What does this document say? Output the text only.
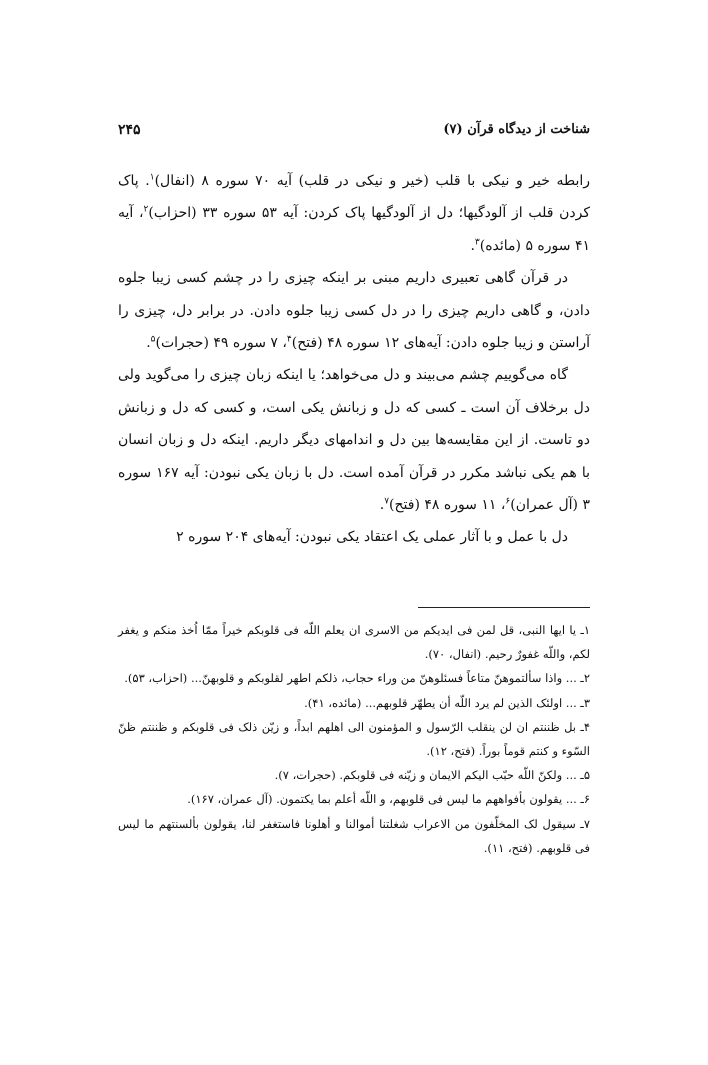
شناخت از دیدگاه قرآن (۷)
۲۴۵

رابطه خیر و نیکی با قلب (خیر و نیکی در قلب) آیه ۷۰ سوره ۸ (انفال)$^۱$. پاک کردن قلب از آلودگیها؛ دل از آلودگیها پاک کردن: آیه ۵۳ سوره ۳۳ (احزاب)$^۲$، آیه ۴۱ سوره ۵ (مائده)$^۳$.

در قرآن گاهی تعبیری داریم مبنی بر اینکه چیزی را در چشم کسی زیبا جلوه دادن، و گاهی داریم چیزی را در دل کسی زیبا جلوه دادن. در برابر دل، چیزی را آراستن و زیبا جلوه دادن: آیه‌های ۱۲ سوره ۴۸ (فتح)$^۴$، ۷ سوره ۴۹ (حجرات)$^۵$.

گاه می‌گوییم چشم می‌بیند و دل می‌خواهد؛ یا اینکه زبان چیزی را می‌گوید ولی دل برخلاف آن است ـ کسی که دل و زبانش یکی است، و کسی که دل و زبانش دو تاست. از این مقایسه‌ها بین دل و اندامهای دیگر داریم. اینکه دل و زبان انسان با هم یکی نباشد مکرر در قرآن آمده است. دل با زبان یکی نبودن: آیه ۱۶۷ سوره ۳ (آل عمران)$^۶$، ۱۱ سوره ۴۸ (فتح)$^۷$.

دل با عمل و با آثار عملی یک اعتقاد یکی نبودن: آیه‌های ۲۰۴ سوره ۲

۱ـ یا ایها النبی، قل لمن فی ایدیکم من الاسری ان یعلم اللّه فی قلوبکم خیراً ممّا اُخذ منکم و یغفر لکم، واللّه غفورٌ رحیم. (انفال، ۷۰).

۲ـ ... واذا سألتموهنّ متاعاً فسئلوهنّ من وراء حجاب، ذلکم اطهر لقلوبکم و قلوبهنّ... (احزاب، ۵۳).

۳ـ ... اولئک الذین لم یرد اللّه أن یطهّر قلوبهم... (مائده، ۴۱).

۴ـ بل ظننتم ان لن ینقلب الرّسول و المؤمنون الی اهلهم ابداً، و زیّن ذلک فی قلوبکم و ظننتم ظنّ السّوء و کنتم قوماً بوراً. (فتح، ۱۲).

۵ـ ... ولکنّ اللّه حبّب الیکم الایمان و زیّنه فی قلوبکم. (حجرات، ۷).

۶ـ ... یقولون بأفواههم ما لیس فی قلوبهم، و اللّه أعلم بما یکتمون. (آل عمران، ۱۶۷).

۷ـ سیقول لک المخلّفون من الاعراب شغلتنا أموالنا و أهلونا فاستغفر لنا، یقولون بألسنتهم ما لیس فی قلوبهم. (فتح، ۱۱).
